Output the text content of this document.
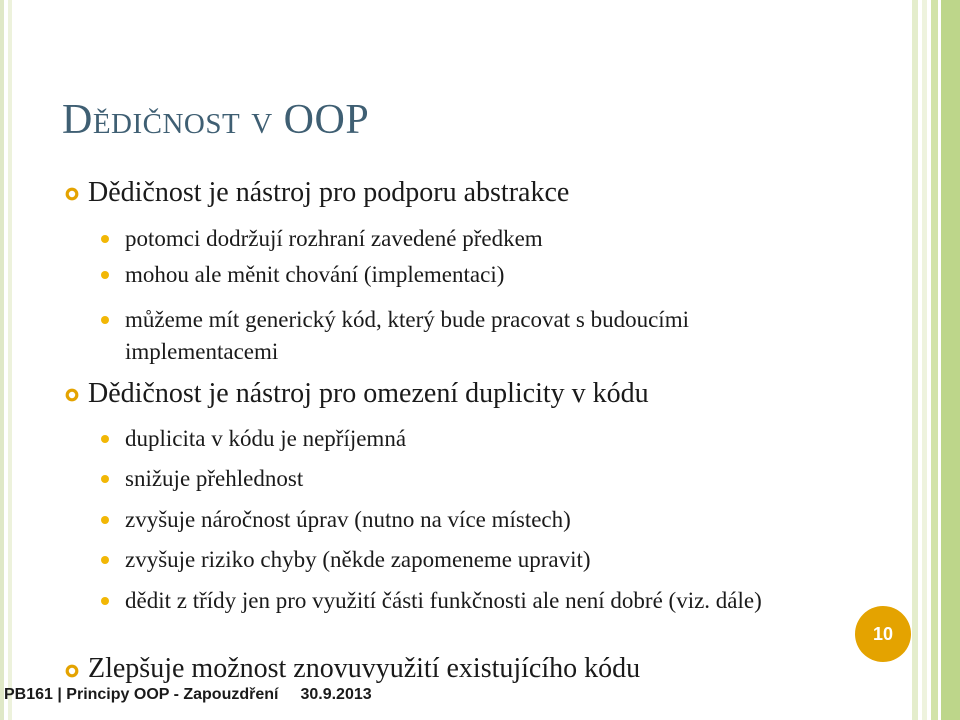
Dědičnost v OOP
Dědičnost je nástroj pro podporu abstrakce
potomci dodržují rozhraní zavedené předkem
mohou ale měnit chování (implementaci)
můžeme mít generický kód, který bude pracovat s budoucími implementacemi
Dědičnost je nástroj pro omezení duplicity v kódu
duplicita v kódu je nepříjemná
snižuje přehlednost
zvyšuje náročnost úprav (nutno na více místech)
zvyšuje riziko chyby (někde zapomeneme upravit)
dědit z třídy jen pro využití části funkčnosti ale není dobré (viz. dále)
Zlepšuje možnost znovuvyužití existujícího kódu
10
PB161 | Principy OOP - Zapouzdření 30.9.2013
